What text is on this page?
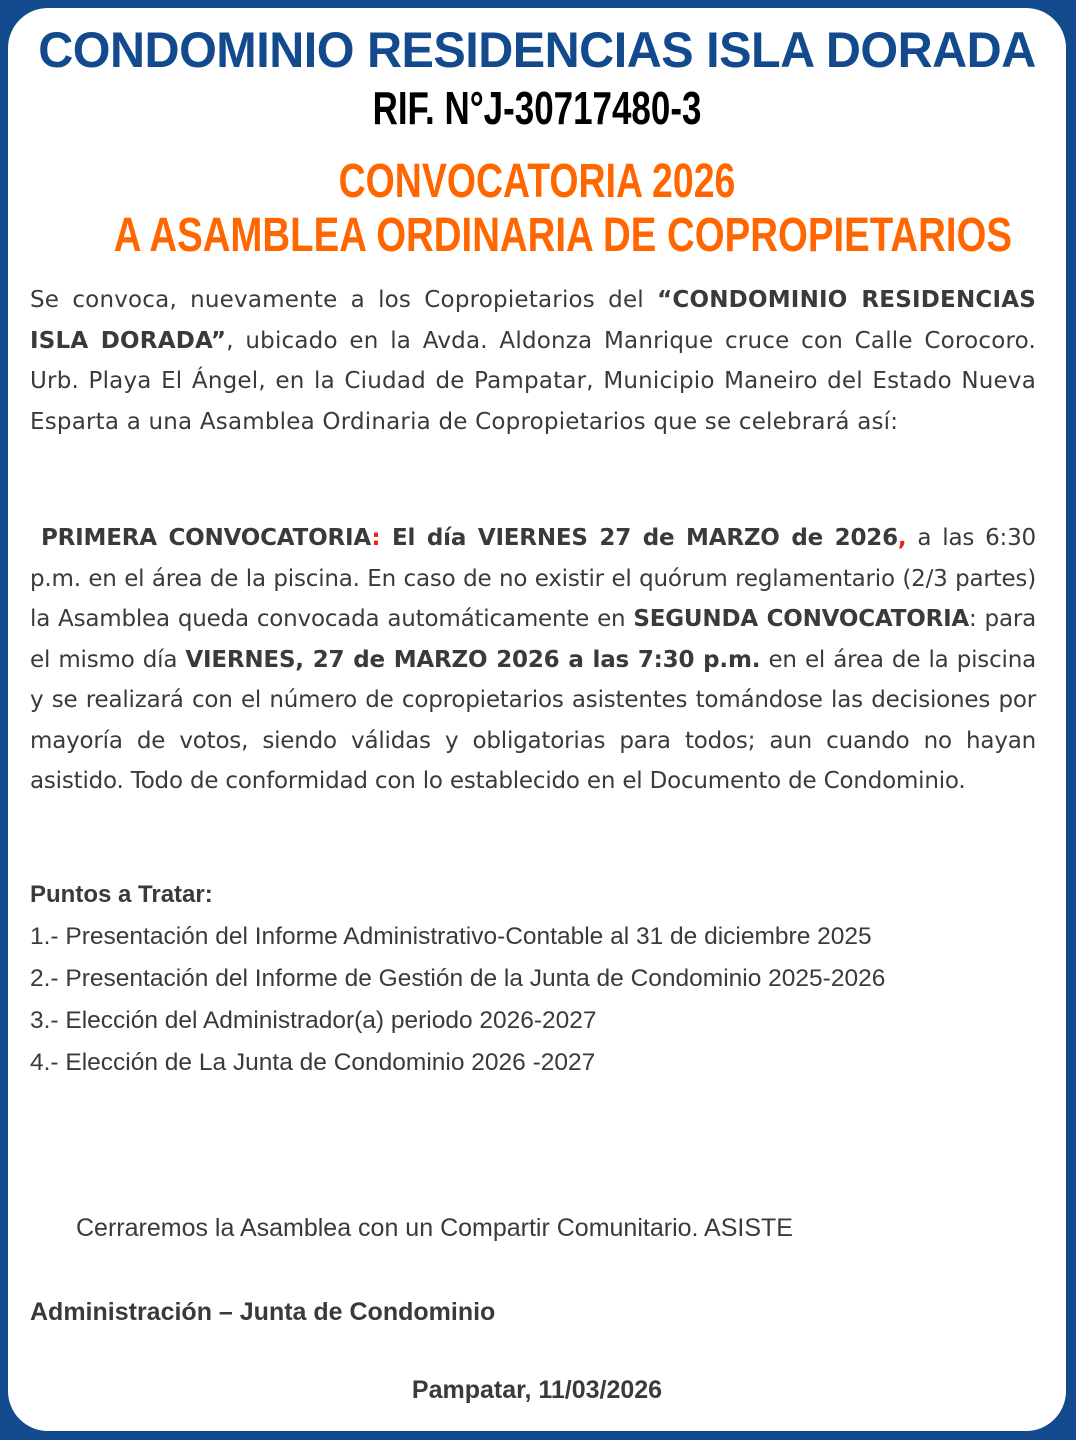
CONDOMINIO RESIDENCIAS ISLA DORADA
RIF. N°J-30717480-3
CONVOCATORIA 2026
A ASAMBLEA ORDINARIA DE COPROPIETARIOS
Se convoca, nuevamente a los Copropietarios del “CONDOMINIO RESIDENCIAS ISLA DORADA”, ubicado en la Avda. Aldonza Manrique cruce con Calle Corocoro. Urb. Playa El Ángel, en la Ciudad de Pampatar, Municipio Maneiro del Estado Nueva Esparta a una Asamblea Ordinaria de Copropietarios que se celebrará así:
PRIMERA CONVOCATORIA: El día VIERNES 27 de MARZO de 2026, a las 6:30 p.m. en el área de la piscina. En caso de no existir el quórum reglamentario (2/3 partes) la Asamblea queda convocada automáticamente en SEGUNDA CONVOCATORIA: para el mismo día VIERNES, 27 de MARZO 2026 a las 7:30 p.m. en el área de la piscina y se realizará con el número de copropietarios asistentes tomándose las decisiones por mayoría de votos, siendo válidas y obligatorias para todos; aun cuando no hayan asistido. Todo de conformidad con lo establecido en el Documento de Condominio.
Puntos a Tratar:
1.- Presentación del Informe Administrativo-Contable al 31 de diciembre 2025
2.- Presentación del Informe de Gestión de la Junta de Condominio 2025-2026
3.- Elección del Administrador(a) periodo 2026-2027
4.- Elección de La Junta de Condominio 2026 -2027
Cerraremos la Asamblea con un Compartir Comunitario. ASISTE
Administración – Junta de Condominio
Pampatar, 11/03/2026
